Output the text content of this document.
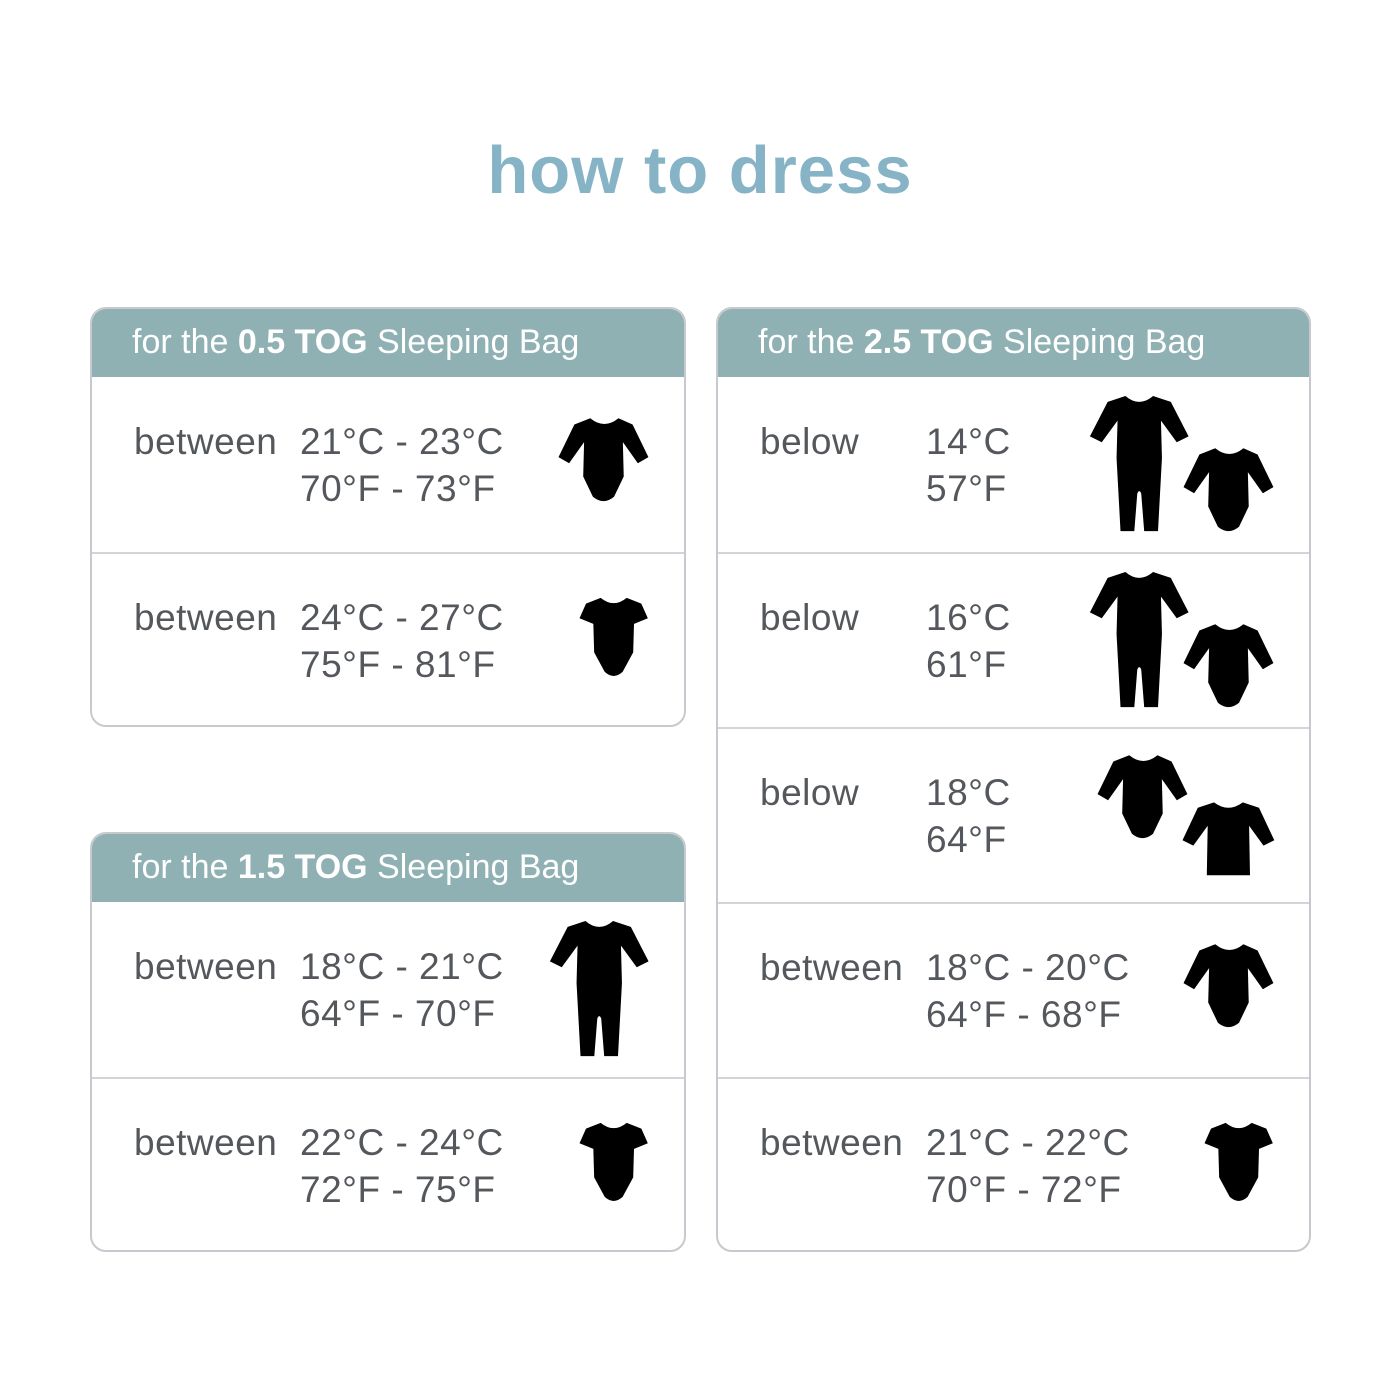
how to dress
for the 0.5 TOG Sleeping Bag
between 21°C - 23°C
70°F - 73°F
between 24°C - 27°C
75°F - 81°F
for the 1.5 TOG Sleeping Bag
between 18°C - 21°C
64°F - 70°F
between 22°C - 24°C
72°F - 75°F
for the 2.5 TOG Sleeping Bag
below	14°C
57°F
below	16°C
61°F
below	18°C
64°F
between 18°C - 20°C
64°F - 68°F
between 21°C - 22°C
70°F - 72°F
